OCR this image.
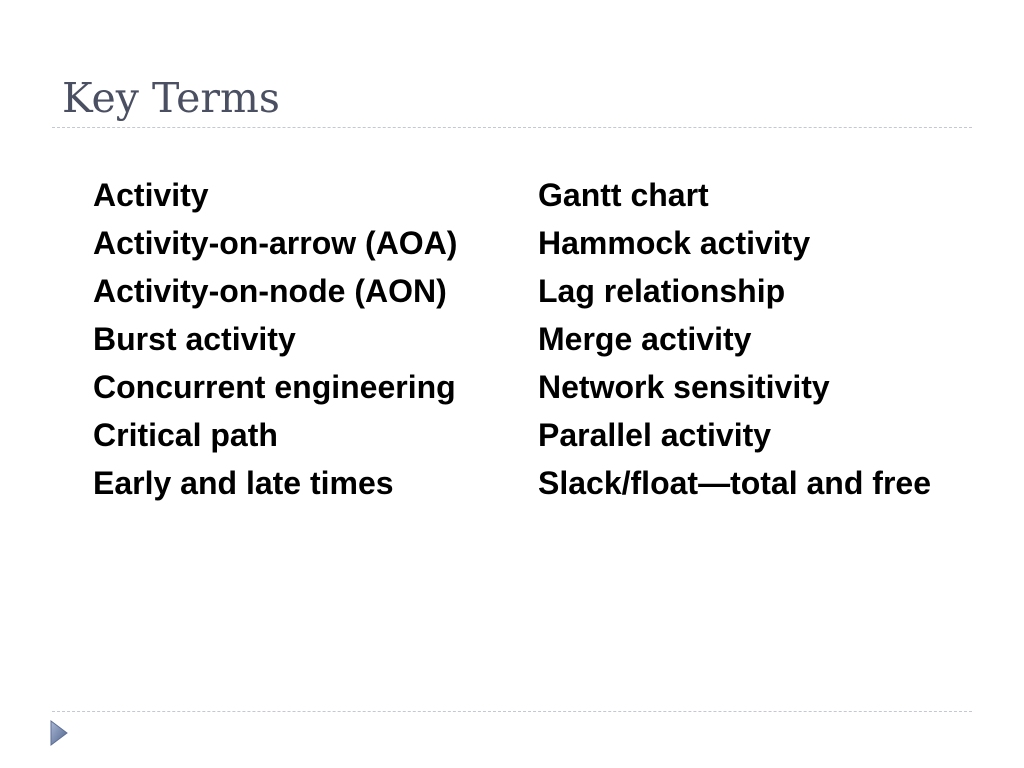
Key Terms
Activity
Activity-on-arrow (AOA)
Activity-on-node (AON)
Burst activity
Concurrent engineering
Critical path
Early and late times
Gantt chart
Hammock activity
Lag relationship
Merge activity
Network sensitivity
Parallel activity
Slack/float—total and free
